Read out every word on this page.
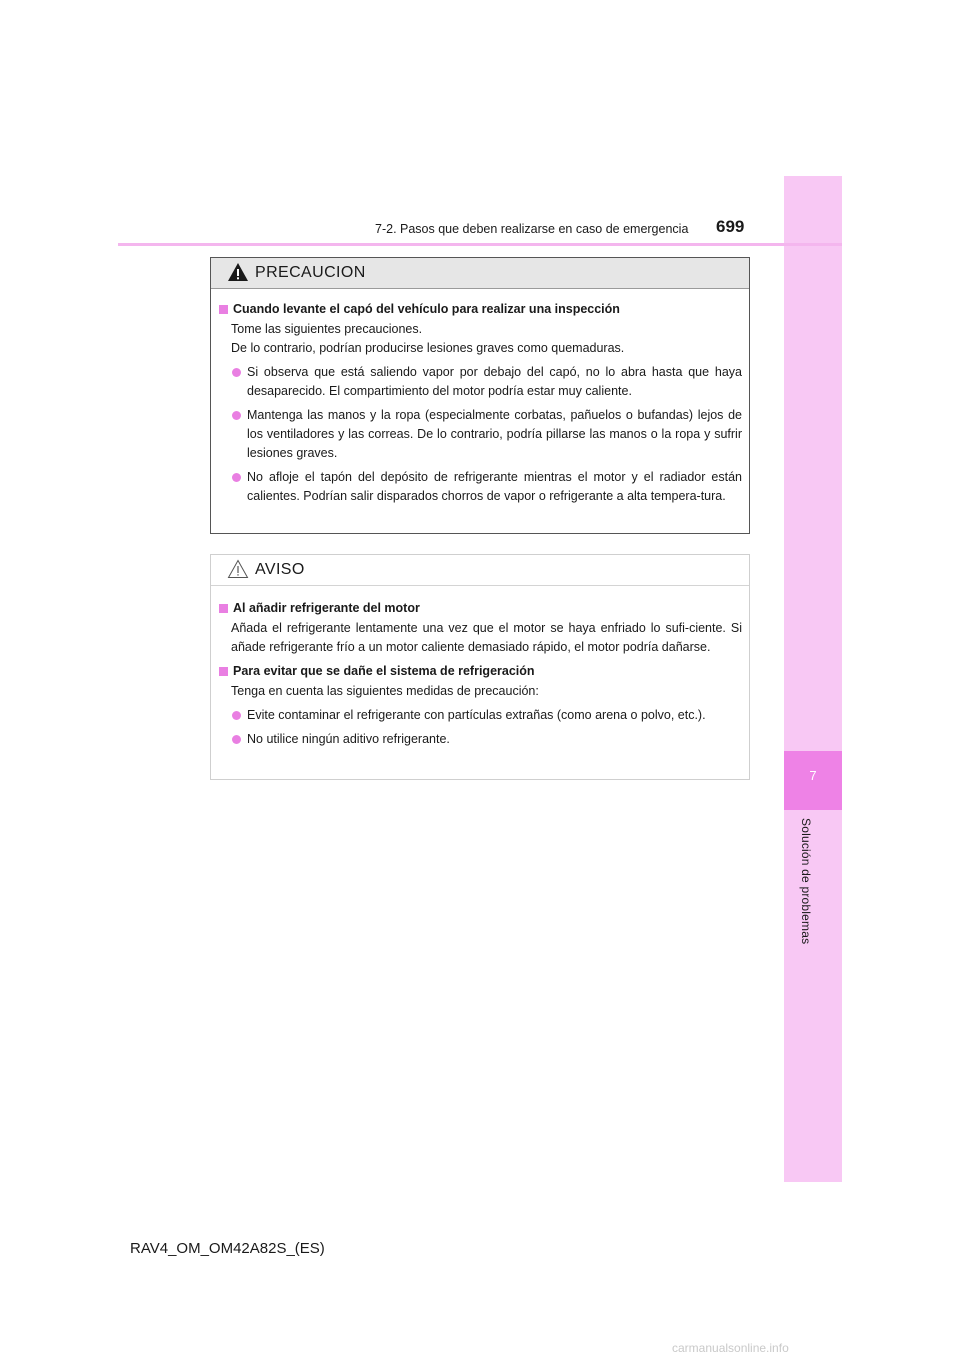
7
Solución de problemas
7-2. Pasos que deben realizarse en caso de emergencia 699
PRECAUCION
Cuando levante el capó del vehículo para realizar una inspección
Tome las siguientes precauciones.
De lo contrario, podrían producirse lesiones graves como quemaduras.
Si observa que está saliendo vapor por debajo del capó, no lo abra hasta que haya desaparecido. El compartimiento del motor podría estar muy caliente.
Mantenga las manos y la ropa (especialmente corbatas, pañuelos o bufandas) lejos de los ventiladores y las correas. De lo contrario, podría pillarse las manos o la ropa y sufrir lesiones graves.
No afloje el tapón del depósito de refrigerante mientras el motor y el radiador están calientes. Podrían salir disparados chorros de vapor o refrigerante a alta tempera-tura.
AVISO
Al añadir refrigerante del motor
Añada el refrigerante lentamente una vez que el motor se haya enfriado lo sufi-ciente. Si añade refrigerante frío a un motor caliente demasiado rápido, el motor podría dañarse.
Para evitar que se dañe el sistema de refrigeración
Tenga en cuenta las siguientes medidas de precaución:
Evite contaminar el refrigerante con partículas extrañas (como arena o polvo, etc.).
No utilice ningún aditivo refrigerante.
RAV4_OM_OM42A82S_(ES)
carmanualsonline.info
